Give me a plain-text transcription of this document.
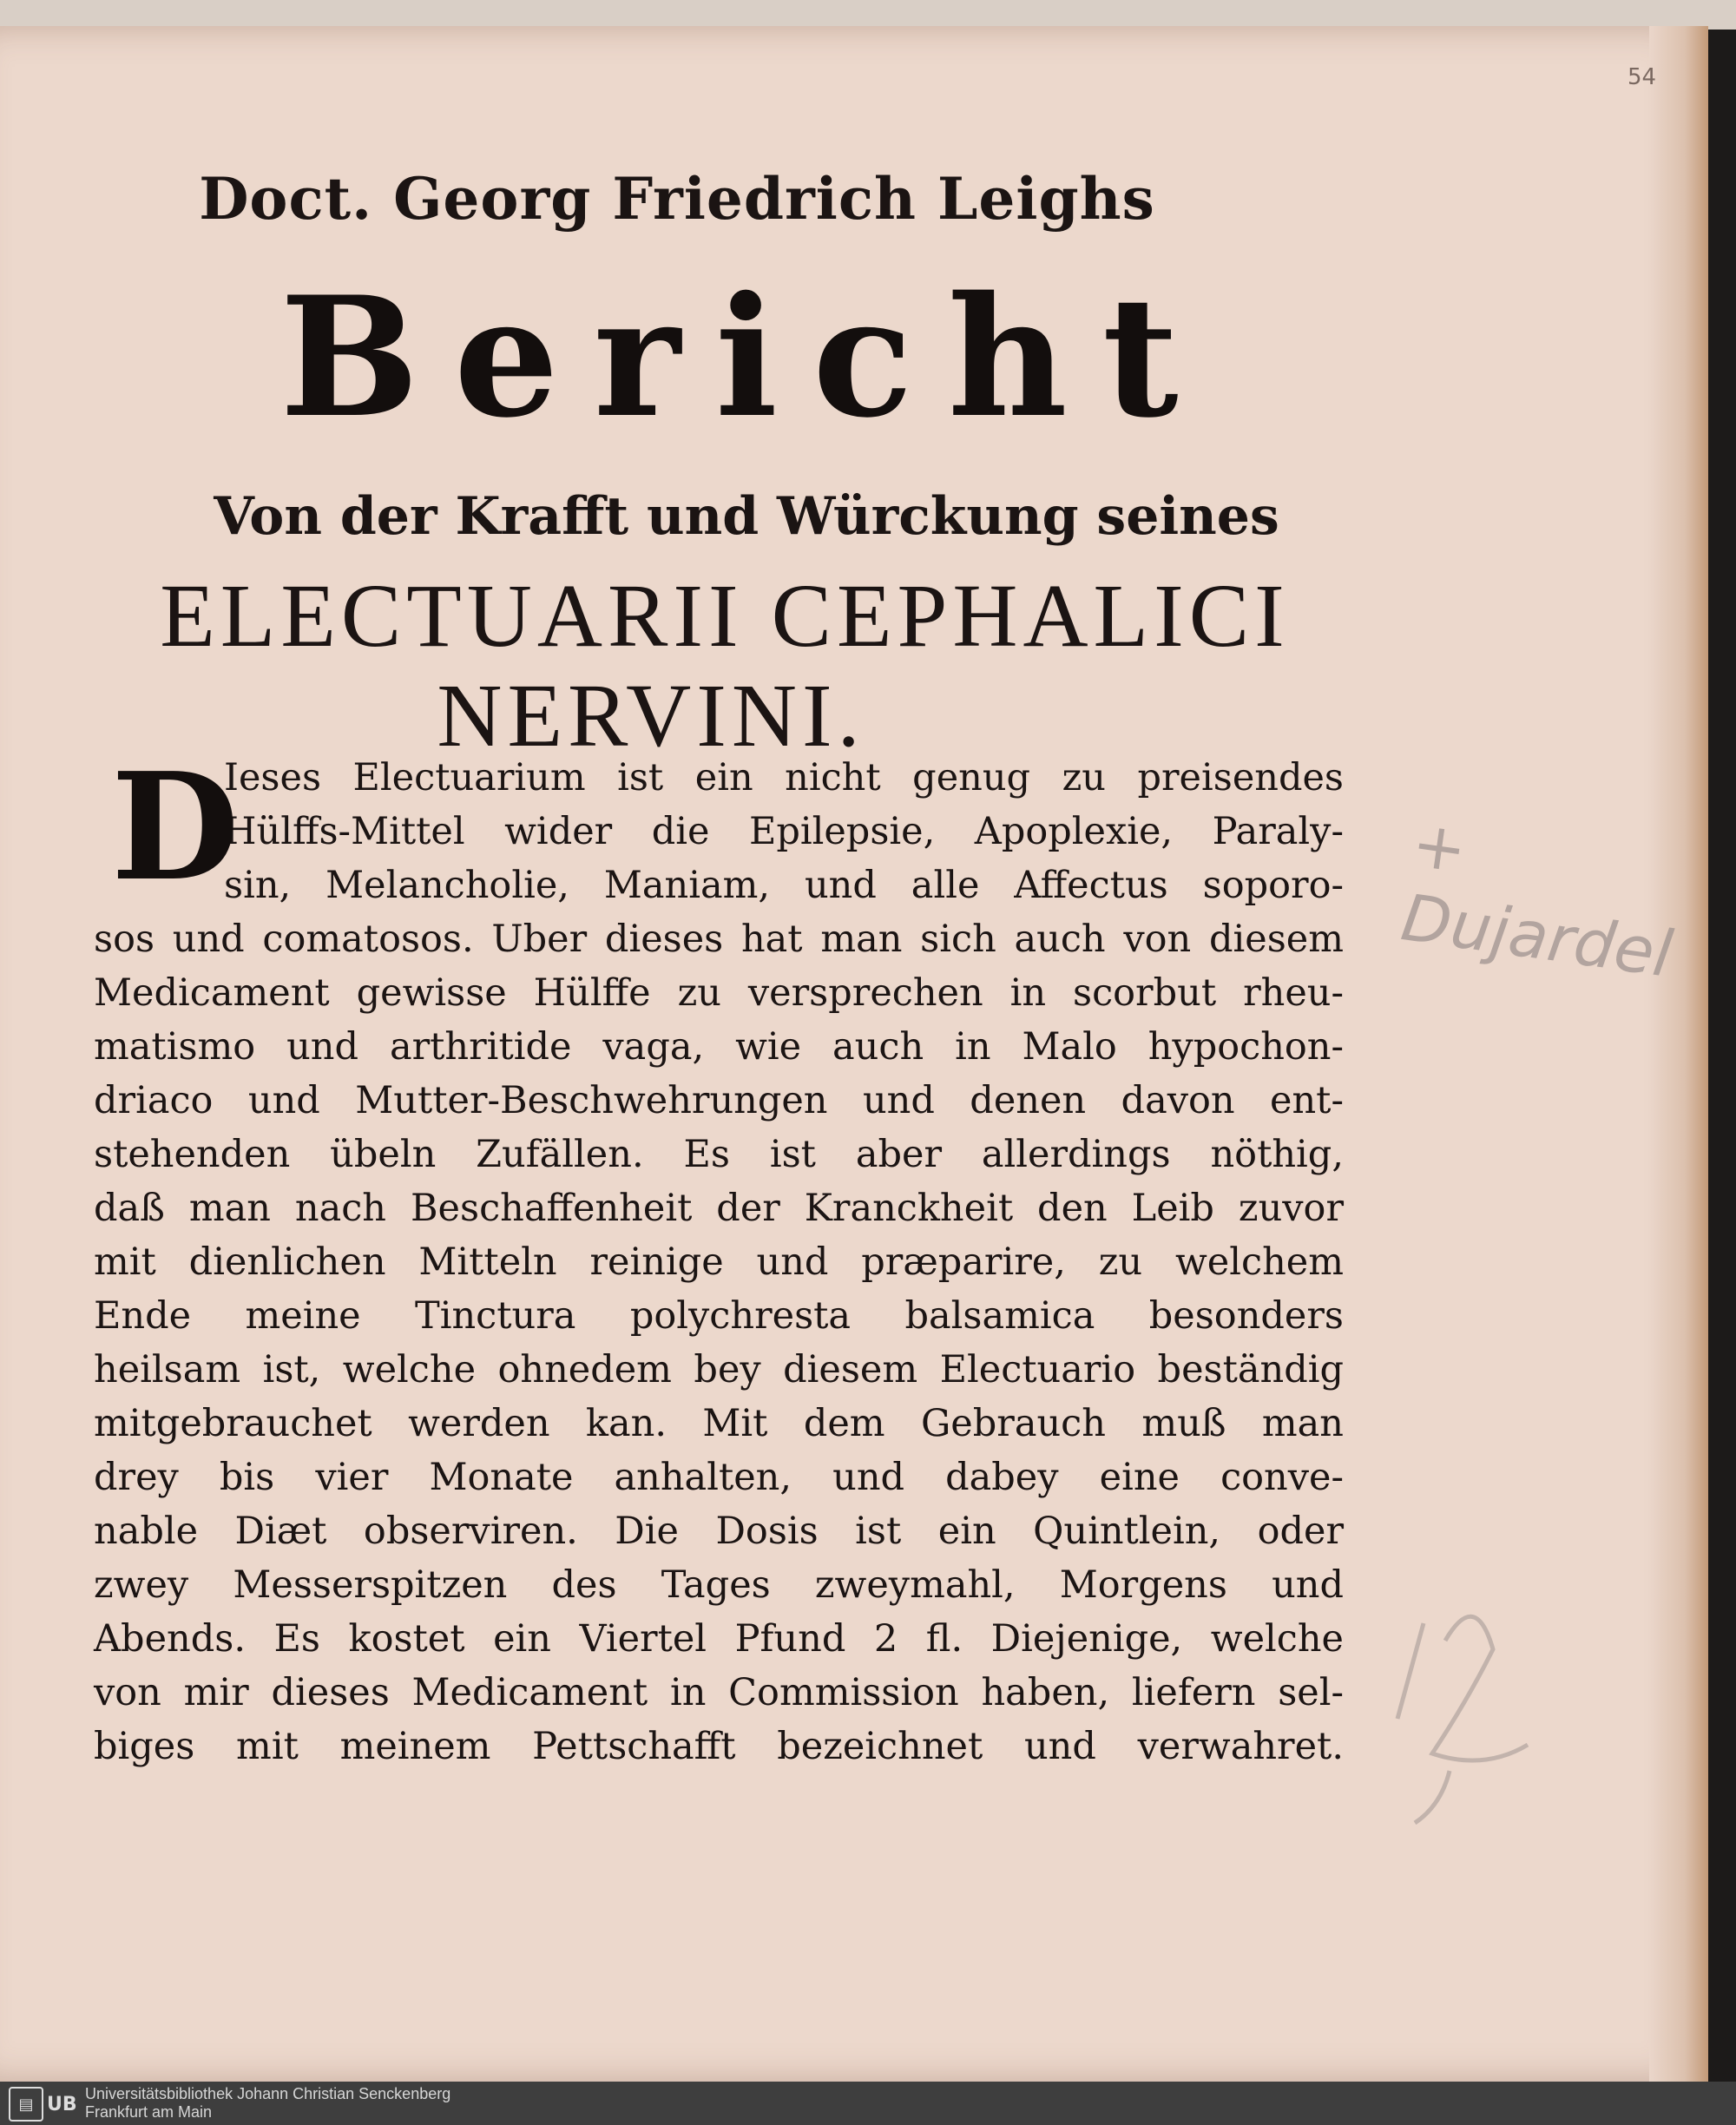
54
Doct. Georg Friedrich Leighs
Bericht
Von der Krafft und Würckung seines
ELECTUARII CEPHALICI
NERVINI.
D
Ieses Electuarium ist ein nicht genug zu preisendes
Hülffs-Mittel wider die Epilepsie, Apoplexie, Paraly-
sin, Melancholie, Maniam, und alle Affectus soporo-
sos und comatosos. Uber dieses hat man sich auch von diesem
Medicament gewisse Hülffe zu versprechen in scorbut rheu-
matismo und arthritide vaga, wie auch in Malo hypochon-
driaco und Mutter-Beschwehrungen und denen davon ent-
stehenden übeln Zufällen. Es ist aber allerdings nöthig,
daß man nach Beschaffenheit der Kranckheit den Leib zuvor
mit dienlichen Mitteln reinige und præparire, zu welchem
Ende meine Tinctura polychresta balsamica besonders
heilsam ist, welche ohnedem bey diesem Electuario beständig
mitgebrauchet werden kan. Mit dem Gebrauch muß man
drey bis vier Monate anhalten, und dabey eine conve-
nable Diæt observiren. Die Dosis ist ein Quintlein, oder
zwey Messerspitzen des Tages zweymahl, Morgens und
Abends. Es kostet ein Viertel Pfund 2 fl. Diejenige, welche
von mir dieses Medicament in Commission haben, liefern sel-
biges mit meinem Pettschafft bezeichnet und verwahret.
+ Dujardel
▤ UB Universitätsbibliothek Johann Christian Senckenberg
Frankfurt am Main
